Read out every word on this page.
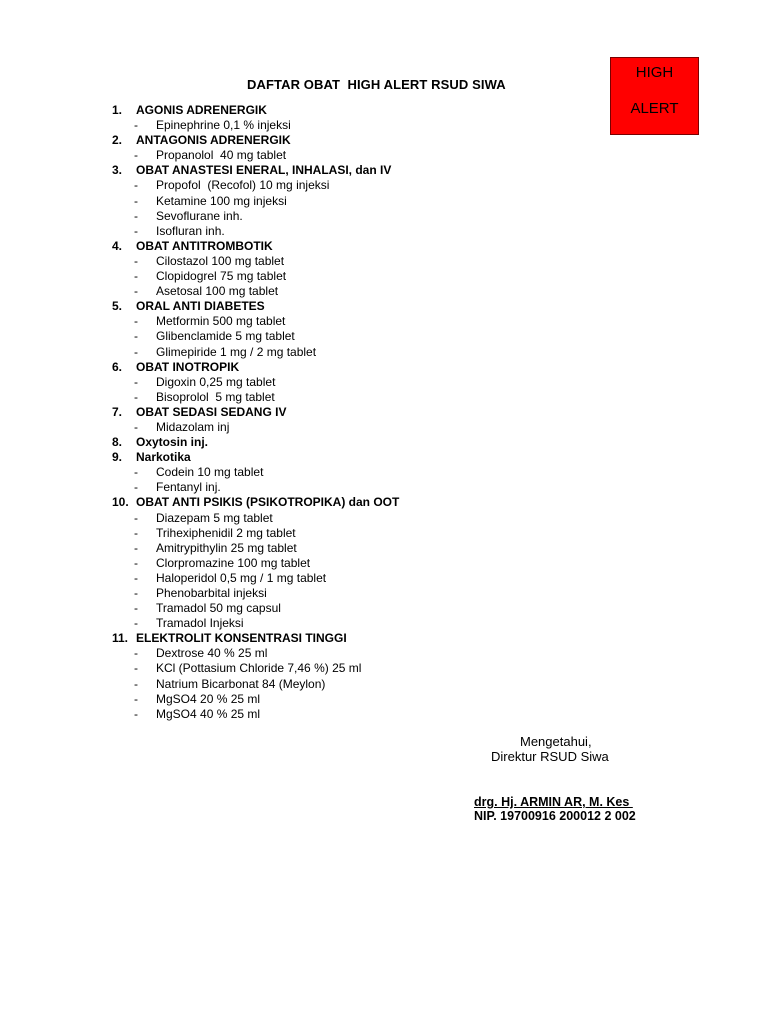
HIGH
ALERT
DAFTAR OBAT  HIGH ALERT RSUD SIWA
1.	AGONIS ADRENERGIK
-	Epinephrine 0,1 % injeksi
2.	ANTAGONIS ADRENERGIK
-	Propanolol  40 mg tablet
3.	OBAT ANASTESI ENERAL, INHALASI, dan IV
-	Propofol  (Recofol) 10 mg injeksi
-	Ketamine 100 mg injeksi
-	Sevoflurane inh.
-	Isofluran inh.
4.	OBAT ANTITROMBOTIK
-	Cilostazol 100 mg tablet
-	Clopidogrel 75 mg tablet
-	Asetosal 100 mg tablet
5.	ORAL ANTI DIABETES
-	Metformin 500 mg tablet
-	Glibenclamide 5 mg tablet
-	Glimepiride 1 mg / 2 mg tablet
6.	OBAT INOTROPIK
-	Digoxin 0,25 mg tablet
-	Bisoprolol  5 mg tablet
7.	OBAT SEDASI SEDANG IV
-	Midazolam inj
8.	Oxytosin inj.
9.	Narkotika
-	Codein 10 mg tablet
-	Fentanyl inj.
10. OBAT ANTI PSIKIS (PSIKOTROPIKA) dan OOT
-	Diazepam 5 mg tablet
-	Trihexiphenidil 2 mg tablet
-	Amitrypithylin 25 mg tablet
-	Clorpromazine 100 mg tablet
-	Haloperidol 0,5 mg / 1 mg tablet
-	Phenobarbital injeksi
-	Tramadol 50 mg capsul
-	Tramadol Injeksi
11. ELEKTROLIT KONSENTRASI TINGGI
-	Dextrose 40 % 25 ml
-	KCl (Pottasium Chloride 7,46 %) 25 ml
-	Natrium Bicarbonat 84 (Meylon)
-	MgSO4 20 % 25 ml
-	MgSO4 40 % 25 ml
Mengetahui,
Direktur RSUD Siwa
drg. Hj. ARMIN AR, M. Kes
NIP. 19700916 200012 2 002
